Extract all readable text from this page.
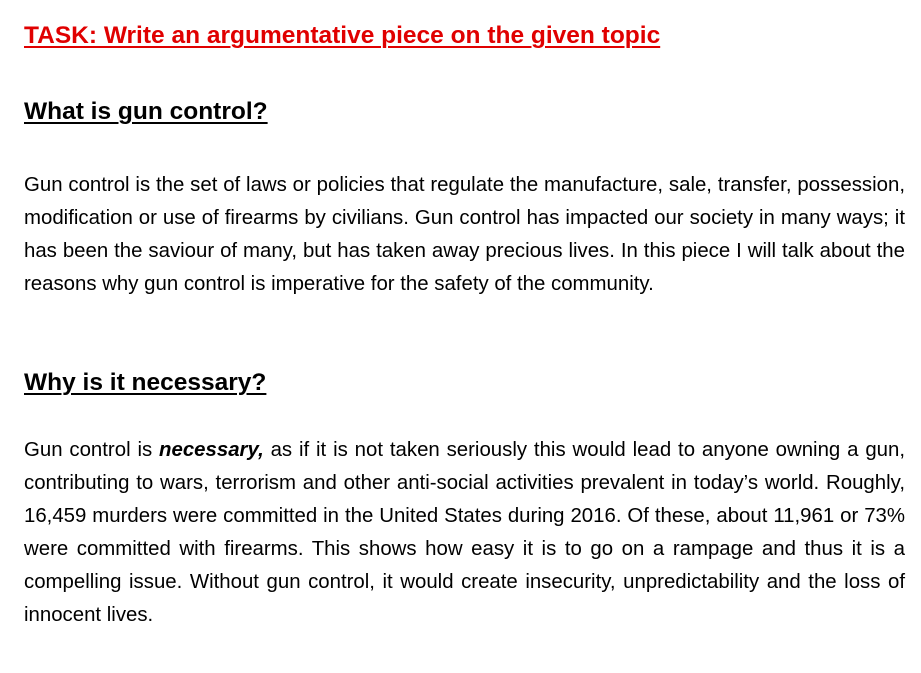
TASK: Write an argumentative piece on the given topic
What is gun control?

Gun control is the set of laws or policies that regulate the manufacture, sale, transfer, possession, modification or use of firearms by civilians. Gun control has impacted our society in many ways; it has been the saviour of many, but has taken away precious lives. In this piece I will talk about the reasons why gun control is imperative for the safety of the community.

Why is it necessary?

Gun control is necessary, as if it is not taken seriously this would lead to anyone owning a gun, contributing to wars, terrorism and other anti-social activities prevalent in today’s world. Roughly, 16,459 murders were committed in the United States during 2016. Of these, about 11,961 or 73% were committed with firearms. This shows how easy it is to go on a rampage and thus it is a compelling issue. Without gun control, it would create insecurity, unpredictability and the loss of innocent lives.
